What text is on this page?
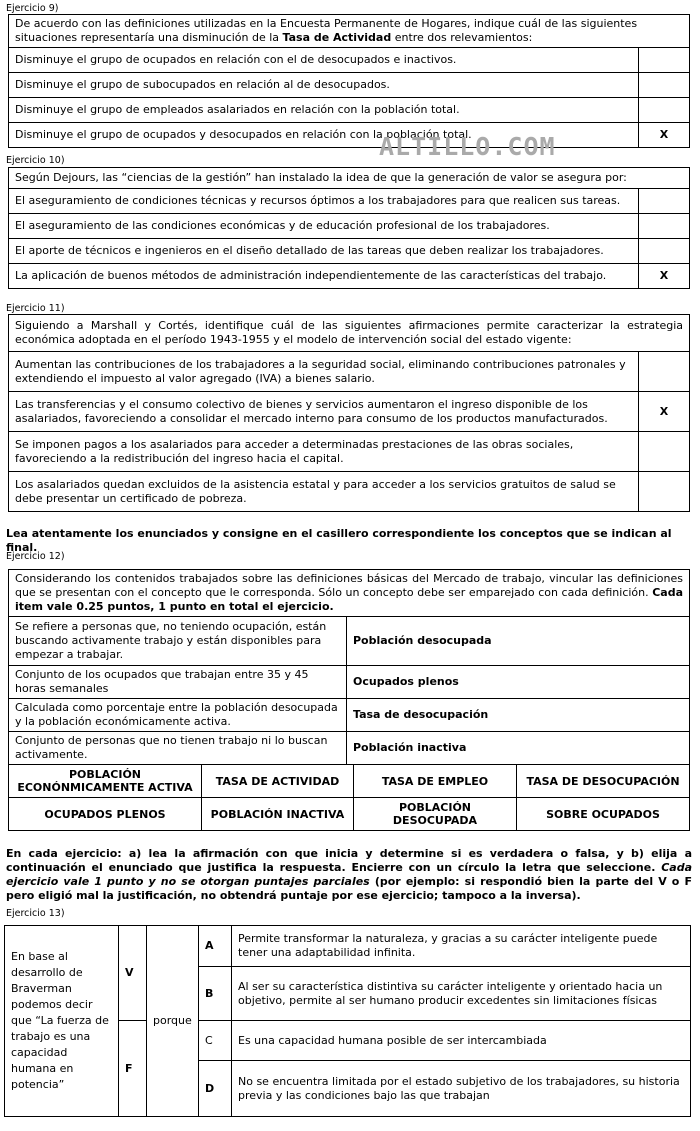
Ejercicio 9)
De acuerdo con las definiciones utilizadas en la Encuesta Permanente de Hogares, indique cuál de las siguientes situaciones representaría una disminución de la Tasa de Actividad entre dos relevamientos:	
Disminuye el grupo de ocupados en relación con el de desocupados e inactivos.	
Disminuye el grupo de subocupados en relación al de desocupados.	
Disminuye el grupo de empleados asalariados en relación con la población total.	
Disminuye el grupo de ocupados y desocupados en relación con la población total.	X
ALTILLO.COM
Ejercicio 10)
Según Dejours, las “ciencias de la gestión” han instalado la idea de que la generación de valor se asegura por:	
El aseguramiento de condiciones técnicas y recursos óptimos a los trabajadores para que realicen sus tareas.	
El aseguramiento de las condiciones económicas y de educación profesional de los trabajadores.	
El aporte de técnicos e ingenieros en el diseño detallado de las tareas que deben realizar los trabajadores.	
La aplicación de buenos métodos de administración independientemente de las características del trabajo.	X
Ejercicio 11)
Siguiendo a Marshall y Cortés, identifique cuál de las siguientes afirmaciones permite caracterizar la estrategia económica adoptada en el período 1943-1955 y el modelo de intervención social del estado vigente:	
Aumentan las contribuciones de los trabajadores a la seguridad social, eliminando contribuciones patronales y extendiendo el impuesto al valor agregado (IVA) a bienes salario.	
Las transferencias y el consumo colectivo de bienes y servicios aumentaron el ingreso disponible de los asalariados, favoreciendo a consolidar el mercado interno para consumo de los productos manufacturados.	X
Se imponen pagos a los asalariados para acceder a determinadas prestaciones de las obras sociales, favoreciendo a la redistribución del ingreso hacia el capital.	
Los asalariados quedan excluidos de la asistencia estatal y para acceder a los servicios gratuitos de salud se debe presentar un certificado de pobreza.	
Lea atentamente los enunciados y consigne en el casillero correspondiente los conceptos que se indican al final.
Ejercicio 12)
Considerando los contenidos trabajados sobre las definiciones básicas del Mercado de trabajo, vincular las definiciones que se presentan con el concepto que le corresponda. Sólo un concepto debe ser emparejado con cada definición. Cada item vale 0.25 puntos, 1 punto en total el ejercicio.	
Se refiere a personas que, no teniendo ocupación, están buscando activamente trabajo y están disponibles para empezar a trabajar.	Población desocupada
Conjunto de los ocupados que trabajan entre 35 y 45 horas semanales	Ocupados plenos
Calculada como porcentaje entre la población desocupada y la población económicamente activa.	Tasa de desocupación
Conjunto de personas que no tienen trabajo ni lo buscan activamente.	Población inactiva
POBLACIÓN ECONÓNMICAMENTE ACTIVA	TASA DE ACTIVIDAD	TASA DE EMPLEO	TASA DE DESOCUPACIÓN
OCUPADOS PLENOS	POBLACIÓN INACTIVA	POBLACIÓN DESOCUPADA	SOBRE OCUPADOS
En cada ejercicio: a) lea la afirmación con que inicia y determine si es verdadera o falsa, y b) elija a continuación el enunciado que justifica la respuesta. Encierre con un círculo la letra que seleccione. Cada ejercicio vale 1 punto y no se otorgan puntajes parciales (por ejemplo: si respondió bien la parte del V o F pero eligió mal la justificación, no obtendrá puntaje por ese ejercicio; tampoco a la inversa).
Ejercicio 13)
En base al desarrollo de Braverman podemos decir que “La fuerza de trabajo es una capacidad humana en potencia”	V	porque	A	Permite transformar la naturaleza, y gracias a su carácter inteligente puede tener una adaptabilidad infinita.
			B	Al ser su característica distintiva su carácter inteligente y orientado hacia un objetivo, permite al ser humano producir excedentes sin limitaciones físicas
	F		C	Es una capacidad humana posible de ser intercambiada
			D	No se encuentra limitada por el estado subjetivo de los trabajadores, su historia previa y las condiciones bajo las que trabajan
